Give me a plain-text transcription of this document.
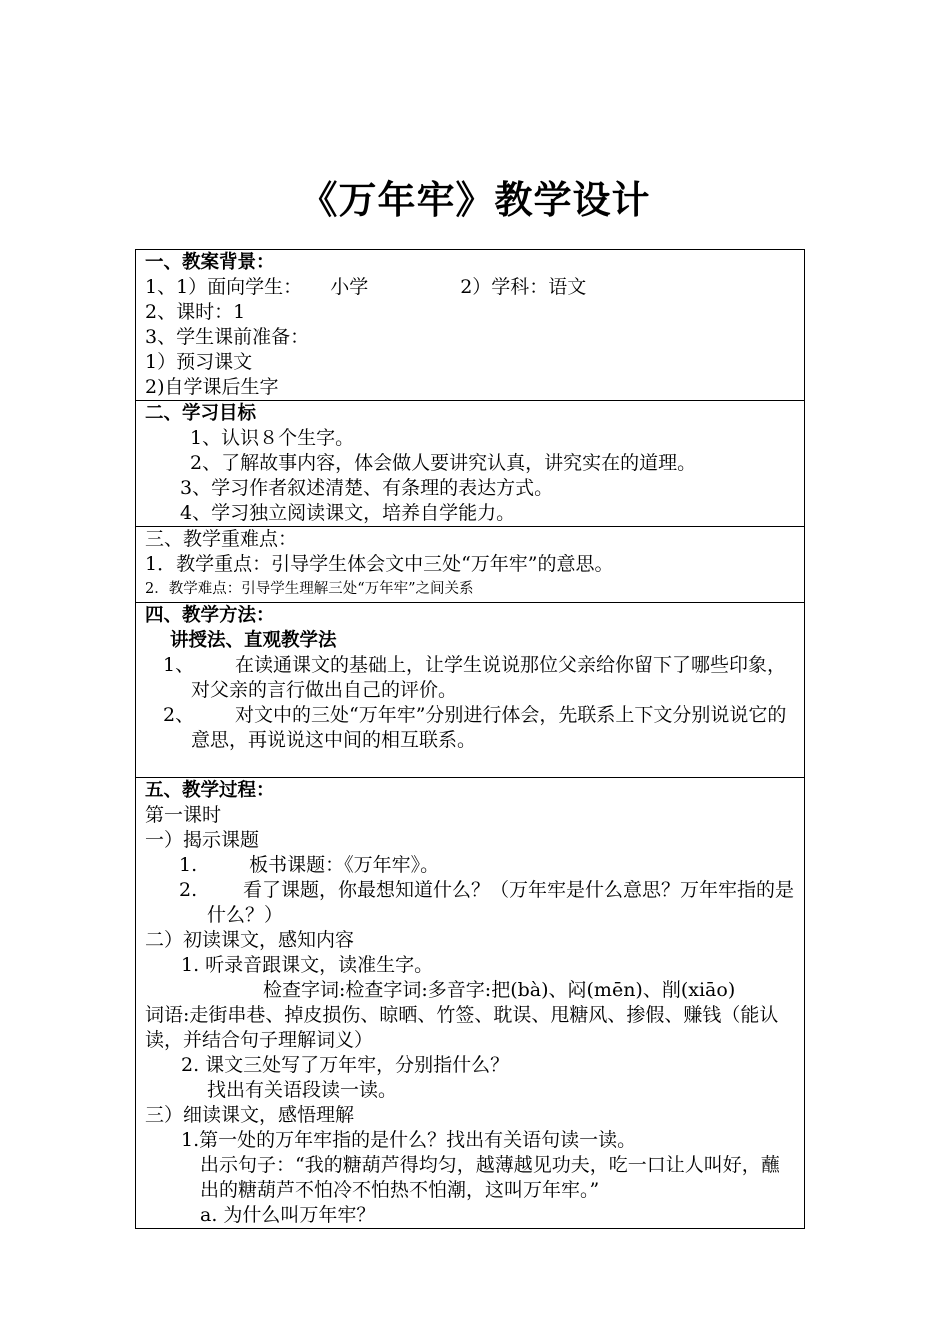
《万年牢》教学设计
一、教案背景：
1、1）面向学生： 小学	2）学科：语文
2、课时：1
3、学生课前准备：
1）预习课文
2)自学课后生字

二、学习目标
1、认识８个生字。
2、了解故事内容，体会做人要讲究认真，讲究实在的道理。
3、学习作者叙述清楚、有条理的表达方式。
4、学习独立阅读课文，培养自学能力。

三、教学重难点：
1．教学重点：引导学生体会文中三处“万年牢”的意思。
2．教学难点：引导学生理解三处“万年牢”之间关系

四、教学方法：
讲授法、直观教学法
1、 在读通课文的基础上，让学生说说那位父亲给你留下了哪些印象，对父亲的言行做出自己的评价。
2、 对文中的三处“万年牢”分别进行体会，先联系上下文分别说说它的意思，再说说这中间的相互联系。

五、教学过程：
第一课时
一）揭示课题
1.	板书课题：《万年牢》。
2. 看了课题，你最想知道什么？（万年牢是什么意思？万年牢指的是什么？）
二）初读课文，感知内容
1. 听录音跟课文，读准生字。
检查字词:检查字词:多音字:把(bà)、闷(mēn)、削(xiāo)
词语:走街串巷、掉皮损伤、晾晒、竹签、耽误、甩糖风、掺假、赚钱（能认读，并结合句子理解词义）
2. 课文三处写了万年牢，分别指什么？
找出有关语段读一读。
三）细读课文，感悟理解
1.第一处的万年牢指的是什么？找出有关语句读一读。
出示句子：“我的糖葫芦得均匀，越薄越见功夫，吃一口让人叫好，蘸出的糖葫芦不怕冷不怕热不怕潮，这叫万年牢。”
a. 为什么叫万年牢？
